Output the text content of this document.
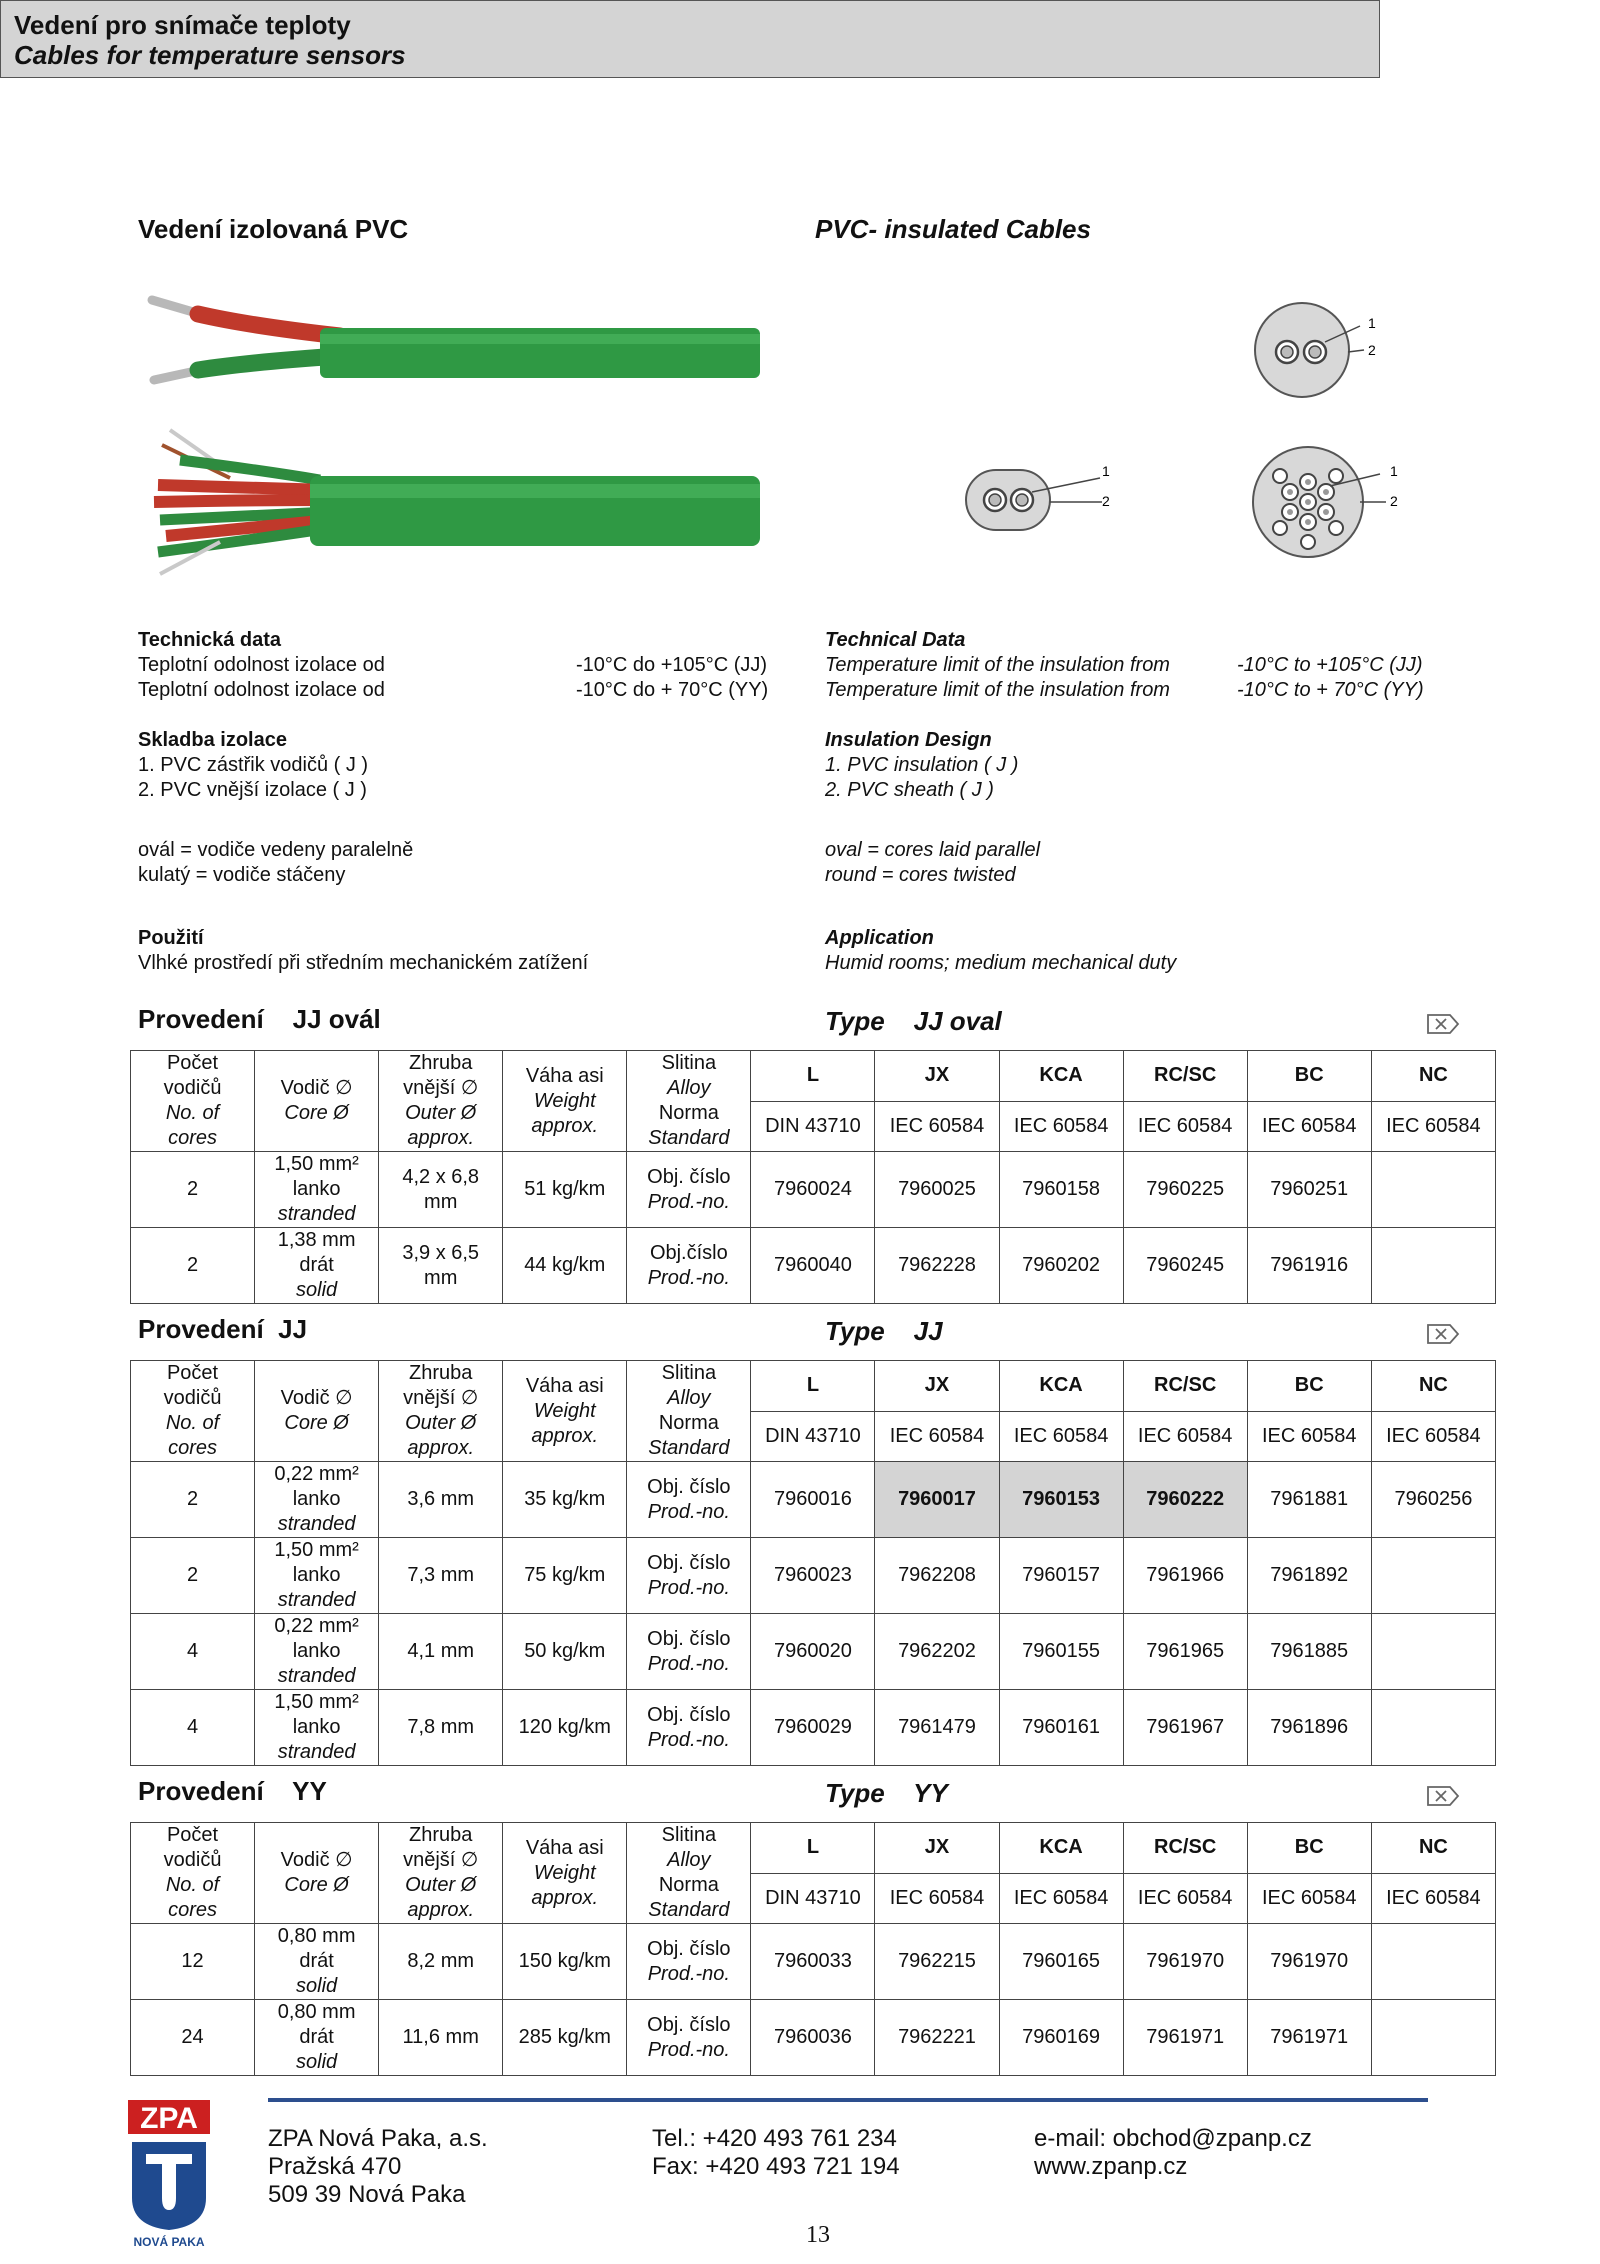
Vedení pro snímače teploty
Cables for temperature sensors
Vedení izolovaná PVC	PVC- insulated Cables
1
2
1
2
1
2
Technická data
Teplotní odolnost izolace od	-10°C do +105°C (JJ)
Teplotní odolnost izolace od	-10°C do + 70°C (YY)
Technical Data
Temperature limit of the insulation from	-10°C to +105°C (JJ)
Temperature limit of the insulation from	-10°C to + 70°C (YY)
Skladba izolace
1. PVC zástřik vodičů ( J )
2. PVC vnější izolace ( J )
ovál = vodiče vedeny paralelně
kulatý = vodiče stáčeny
Insulation Design
1. PVC insulation ( J )
2. PVC sheath ( J )
oval = cores laid parallel
round = cores twisted
Použití
Vlhké prostředí při středním mechanickém zatížení
Application
Humid rooms; medium mechanical duty
Provedení    JJ ovál	Type    JJ oval
Počet
vodičů
No. of
cores	Vodič ∅
Core Ø	Zhruba
vnější ∅
Outer Ø
approx.	Váha asi
Weight
approx.	Slitina
Alloy
Norma
Standard	L	JX	KCA	RC/SC	BC	NC
					DIN 43710	IEC 60584	IEC 60584	IEC 60584	IEC 60584	IEC 60584
2	1,50 mm²
lanko
stranded	4,2 x 6,8
mm	51 kg/km	Obj. číslo
Prod.-no.	7960024	7960025	7960158	7960225	7960251	
2	1,38 mm
drát
solid	3,9 x 6,5
mm	44 kg/km	Obj.číslo
Prod.-no.	7960040	7962228	7960202	7960245	7961916	
Provedení  JJ	Type    JJ
Počet
vodičů
No. of
cores	Vodič ∅
Core Ø	Zhruba
vnější ∅
Outer Ø
approx.	Váha asi
Weight
approx.	Slitina
Alloy
Norma
Standard	L	JX	KCA	RC/SC	BC	NC
					DIN 43710	IEC 60584	IEC 60584	IEC 60584	IEC 60584	IEC 60584
2	0,22 mm²
lanko
stranded	3,6 mm	35 kg/km	Obj. číslo
Prod.-no.	7960016	7960017	7960153	7960222	7961881	7960256
2	1,50 mm²
lanko
stranded	7,3 mm	75 kg/km	Obj. číslo
Prod.-no.	7960023	7962208	7960157	7961966	7961892	
4	0,22 mm²
lanko
stranded	4,1 mm	50 kg/km	Obj. číslo
Prod.-no.	7960020	7962202	7960155	7961965	7961885	
4	1,50 mm²
lanko
stranded	7,8 mm	120 kg/km	Obj. číslo
Prod.-no.	7960029	7961479	7960161	7961967	7961896	
Provedení    YY	Type    YY
Počet
vodičů
No. of
cores	Vodič ∅
Core Ø	Zhruba
vnější ∅
Outer Ø
approx.	Váha asi
Weight
approx.	Slitina
Alloy
Norma
Standard	L	JX	KCA	RC/SC	BC	NC
					DIN 43710	IEC 60584	IEC 60584	IEC 60584	IEC 60584	IEC 60584
12	0,80 mm
drát
solid	8,2 mm	150 kg/km	Obj. číslo
Prod.-no.	7960033	7962215	7960165	7961970	7961970	
24	0,80 mm
drát
solid	11,6 mm	285 kg/km	Obj. číslo
Prod.-no.	7960036	7962221	7960169	7961971	7961971	
ZPA
NOVÁ PAKA
ZPA Nová Paka, a.s.
Pražská 470
509 39 Nová Paka
Tel.: +420 493 761 234
Fax: +420 493 721 194
e-mail: obchod@zpanp.cz
www.zpanp.cz
13
